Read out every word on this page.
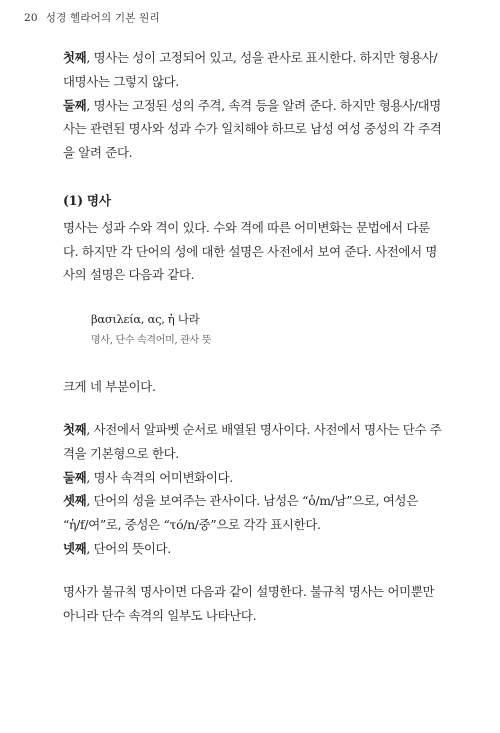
20 성경 헬라어의 기본 원리

첫째, 명사는 성이 고정되어 있고, 성을 관사로 표시한다. 하지만 형용사/대명사는 그렇지 않다.

둘째, 명사는 고정된 성의 주격, 속격 등을 알려 준다. 하지만 형용사/대명사는 관련된 명사와 성과 수가 일치해야 하므로 남성 여성 중성의 각 주격을 알려 준다.

(1) 명사

명사는 성과 수와 격이 있다. 수와 격에 따른 어미변화는 문법에서 다룬다. 하지만 각 단어의 성에 대한 설명은 사전에서 보여 준다. 사전에서 명사의 설명은 다음과 같다.

βασιλεία, ας, ἡ 나라
명사, 단수 속격어미, 관사 뜻

크게 네 부분이다.

첫째, 사전에서 알파벳 순서로 배열된 명사이다. 사전에서 명사는 단수 주격을 기본형으로 한다.

둘째, 명사 속격의 어미변화이다.

셋째, 단어의 성을 보여주는 관사이다. 남성은 “ὁ/m/남”으로, 여성은 “ἡ/f/여”로, 중성은 “τό/n/중”으로 각각 표시한다.

넷째, 단어의 뜻이다.

명사가 불규칙 명사이면 다음과 같이 설명한다. 불규칙 명사는 어미뿐만 아니라 단수 속격의 일부도 나타난다.
